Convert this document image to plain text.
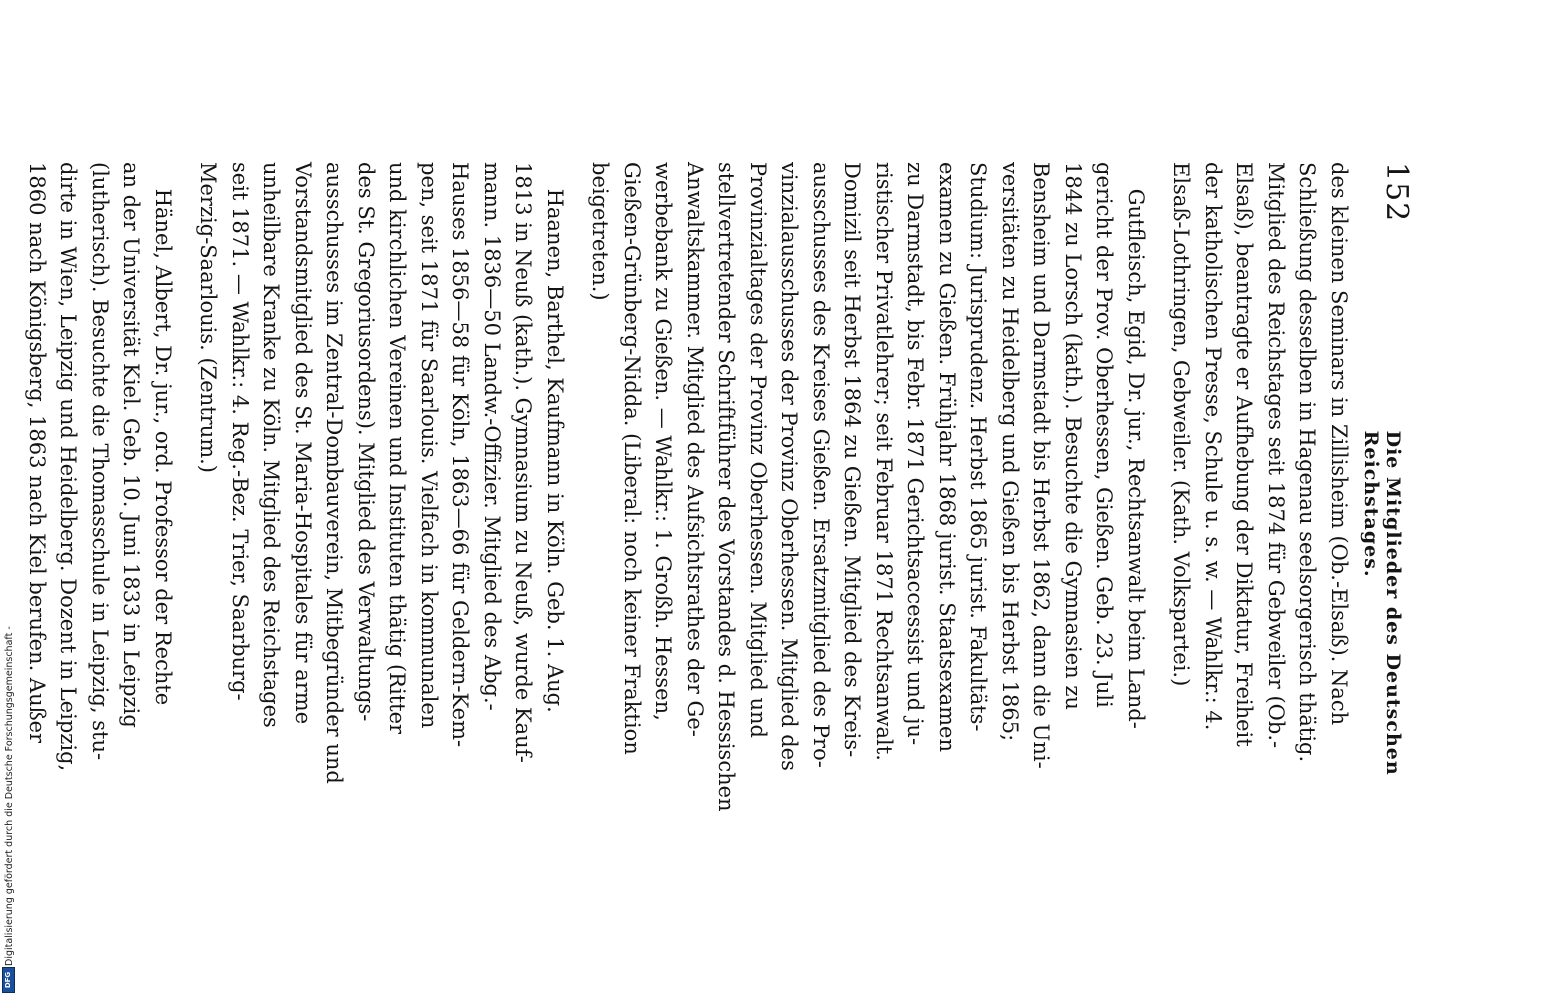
152
Die Mitglieder des Deutschen Reichstages.

des kleinen Seminars in Zillisheim (Ob.-Elsaß). Nach

Schließung desselben in Hagenau seelsorgerisch thätig.

Mitglied des Reichstages seit 1874 für Gebweiler (Ob.-

Elsaß), beantragte er Aufhebung der Diktatur, Freiheit

der katholischen Presse, Schule u. s. w. — Wahlkr.: 4.

Elsaß-Lothringen, Gebweiler. (Kath. Volkspartei.)

Gutfleisch, Egid, Dr. jur., Rechtsanwalt beim Land-

gericht der Prov. Oberhessen, Gießen. Geb. 23. Juli

1844 zu Lorsch (kath.). Besuchte die Gymnasien zu

Bensheim und Darmstadt bis Herbst 1862, dann die Uni-

versitäten zu Heidelberg und Gießen bis Herbst 1865;

Studium: Jurisprudenz. Herbst 1865 jurist. Fakultäts-

examen zu Gießen. Frühjahr 1868 jurist. Staatsexamen

zu Darmstadt, bis Febr. 1871 Gerichtsaccessist und ju-

ristischer Privatlehrer; seit Februar 1871 Rechtsanwalt.

Domizil seit Herbst 1864 zu Gießen. Mitglied des Kreis-

ausschusses des Kreises Gießen. Ersatzmitglied des Pro-

vinzialausschusses der Provinz Oberhessen. Mitglied des

Provinzialtages der Provinz Oberhessen. Mitglied und

stellvertretender Schriftführer des Vorstandes d. Hessischen

Anwaltskammer. Mitglied des Aufsichtsrathes der Ge-

werbebank zu Gießen. — Wahlkr.: 1. Großh. Hessen,

Gießen-Grünberg-Nidda. (Liberal: noch keiner Fraktion

beigetreten.)

Haanen, Barthel, Kaufmann in Köln. Geb. 1. Aug.

1813 in Neuß (kath.). Gymnasium zu Neuß, wurde Kauf-

mann. 1836—50 Landw.-Offizier. Mitglied des Abg.-

Hauses 1856—58 für Köln, 1863—66 für Geldern-Kem-

pen, seit 1871 für Saarlouis. Vielfach in kommunalen

und kirchlichen Vereinen und Instituten thätig (Ritter

des St. Gregoriusordens). Mitglied des Verwaltungs-

ausschusses im Zentral-Dombauverein, Mitbegründer und

Vorstandsmitglied des St. Maria-Hospitales für arme

unheilbare Kranke zu Köln. Mitglied des Reichstages

seit 1871. — Wahlkr.: 4. Reg.-Bez. Trier, Saarburg-

Merzig-Saarlouis. (Zentrum.)

Hänel, Albert, Dr. jur., ord. Professor der Rechte

an der Universität Kiel. Geb. 10. Juni 1833 in Leipzig

(lutherisch). Besuchte die Thomasschule in Leipzig, stu-

dirte in Wien, Leipzig und Heidelberg. Dozent in Leipzig,

1860 nach Königsberg, 1863 nach Kiel berufen. Außer

Digitalisierung gefördert durch die Deutsche Forschungsgemeinschaft -
DFG
